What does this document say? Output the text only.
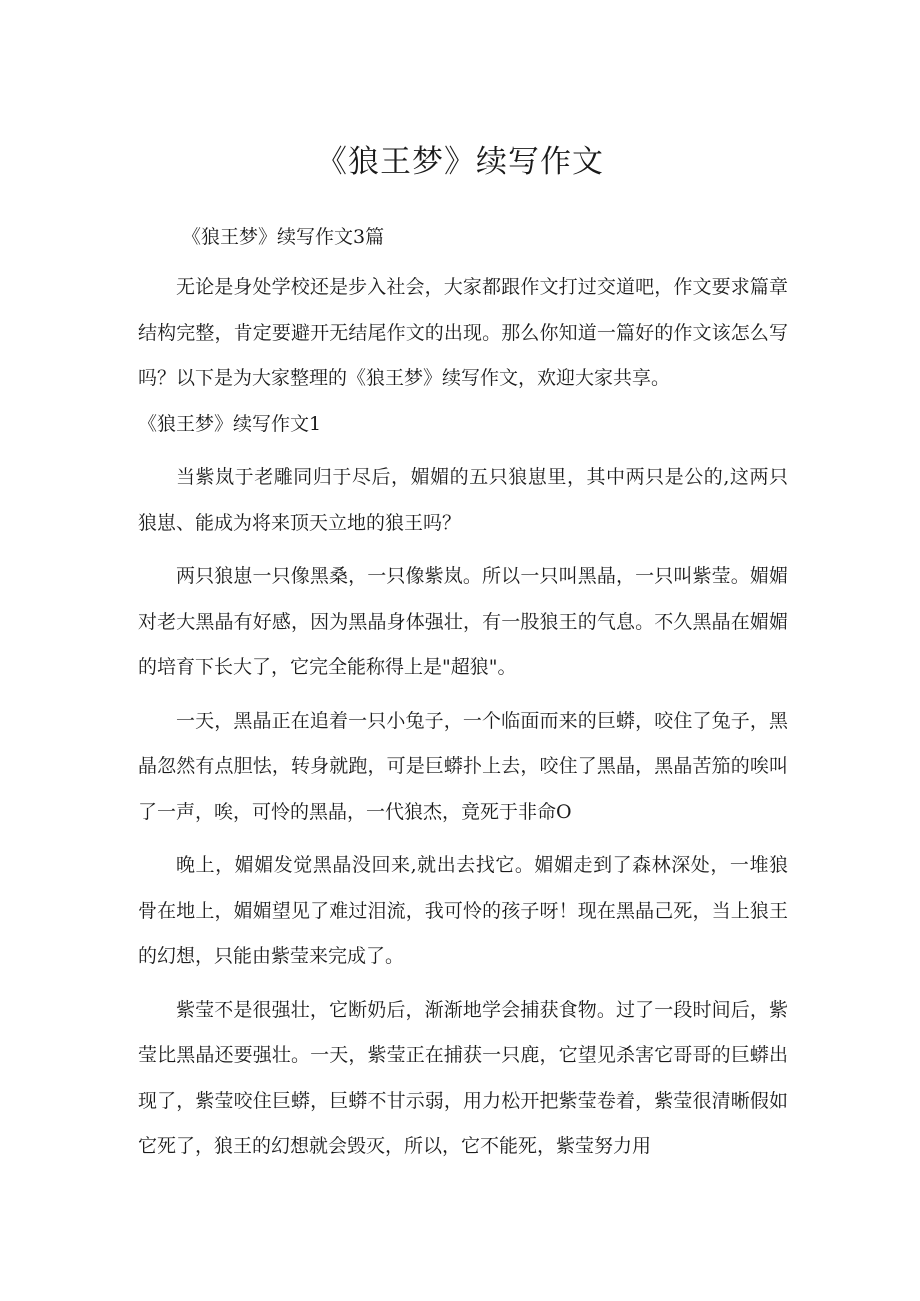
《狼王梦》续写作文

《狼王梦》续写作文3篇

无论是身处学校还是步入社会，大家都跟作文打过交道吧，作文要求篇章结构完整，肯定要避开无结尾作文的出现。那么你知道一篇好的作文该怎么写吗？以下是为大家整理的《狼王梦》续写作文，欢迎大家共享。

《狼王梦》续写作文1

当紫岚于老雕同归于尽后，媚媚的五只狼崽里，其中两只是公的,这两只狼崽、能成为将来顶天立地的狼王吗？

两只狼崽一只像黑桑，一只像紫岚。所以一只叫黑晶，一只叫紫莹。媚媚对老大黑晶有好感，因为黑晶身体强壮，有一股狼王的气息。不久黑晶在媚媚的培育下长大了，它完全能称得上是"超狼"。

一天，黑晶正在追着一只小兔子，一个临面而来的巨蟒，咬住了兔子，黑晶忽然有点胆怯，转身就跑，可是巨蟒扑上去，咬住了黑晶，黑晶苦笳的唉叫了一声，唉，可怜的黑晶，一代狼杰，竟死于非命O

晚上，媚媚发觉黑晶没回来,就出去找它。媚媚走到了森林深处，一堆狼骨在地上，媚媚望见了难过泪流，我可怜的孩子呀！现在黑晶己死，当上狼王的幻想，只能由紫莹来完成了。

紫莹不是很强壮，它断奶后，渐渐地学会捕获食物。过了一段时间后，紫莹比黑晶还要强壮。一天，紫莹正在捕获一只鹿，它望见杀害它哥哥的巨蟒出现了，紫莹咬住巨蟒，巨蟒不甘示弱，用力松开把紫莹卷着，紫莹很清晰假如它死了，狼王的幻想就会毁灭，所以，它不能死，紫莹努力用
